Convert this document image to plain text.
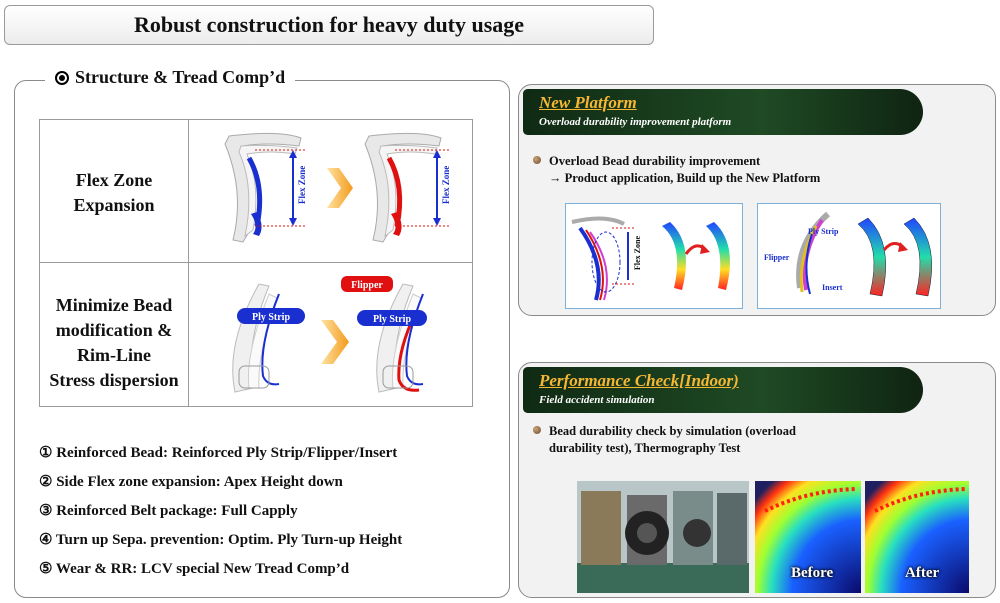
Robust construction for heavy duty usage
Structure & Tread Comp’d
Flex Zone
Expansion
Flex Zone	Flex Zone
Minimize Bead
modification &
Rim-Line
Stress dispersion
Ply Strip
Flipper
Ply Strip
① Reinforced Bead: Reinforced Ply Strip/Flipper/Insert
② Side Flex zone expansion: Apex Height down
③ Reinforced Belt package: Full Capply
④ Turn up Sepa. prevention: Optim. Ply Turn-up Height
⑤ Wear & RR: LCV special New Tread Comp’d
New Platform
Overload durability improvement platform
Overload Bead durability improvement
→ Product application, Build up the New Platform
Flex Zone
Ply Strip
Flipper
Insert
Performance Check[Indoor)
Field accident simulation
Bead durability check by simulation (overload
durability test), Thermography Test
Before	After
